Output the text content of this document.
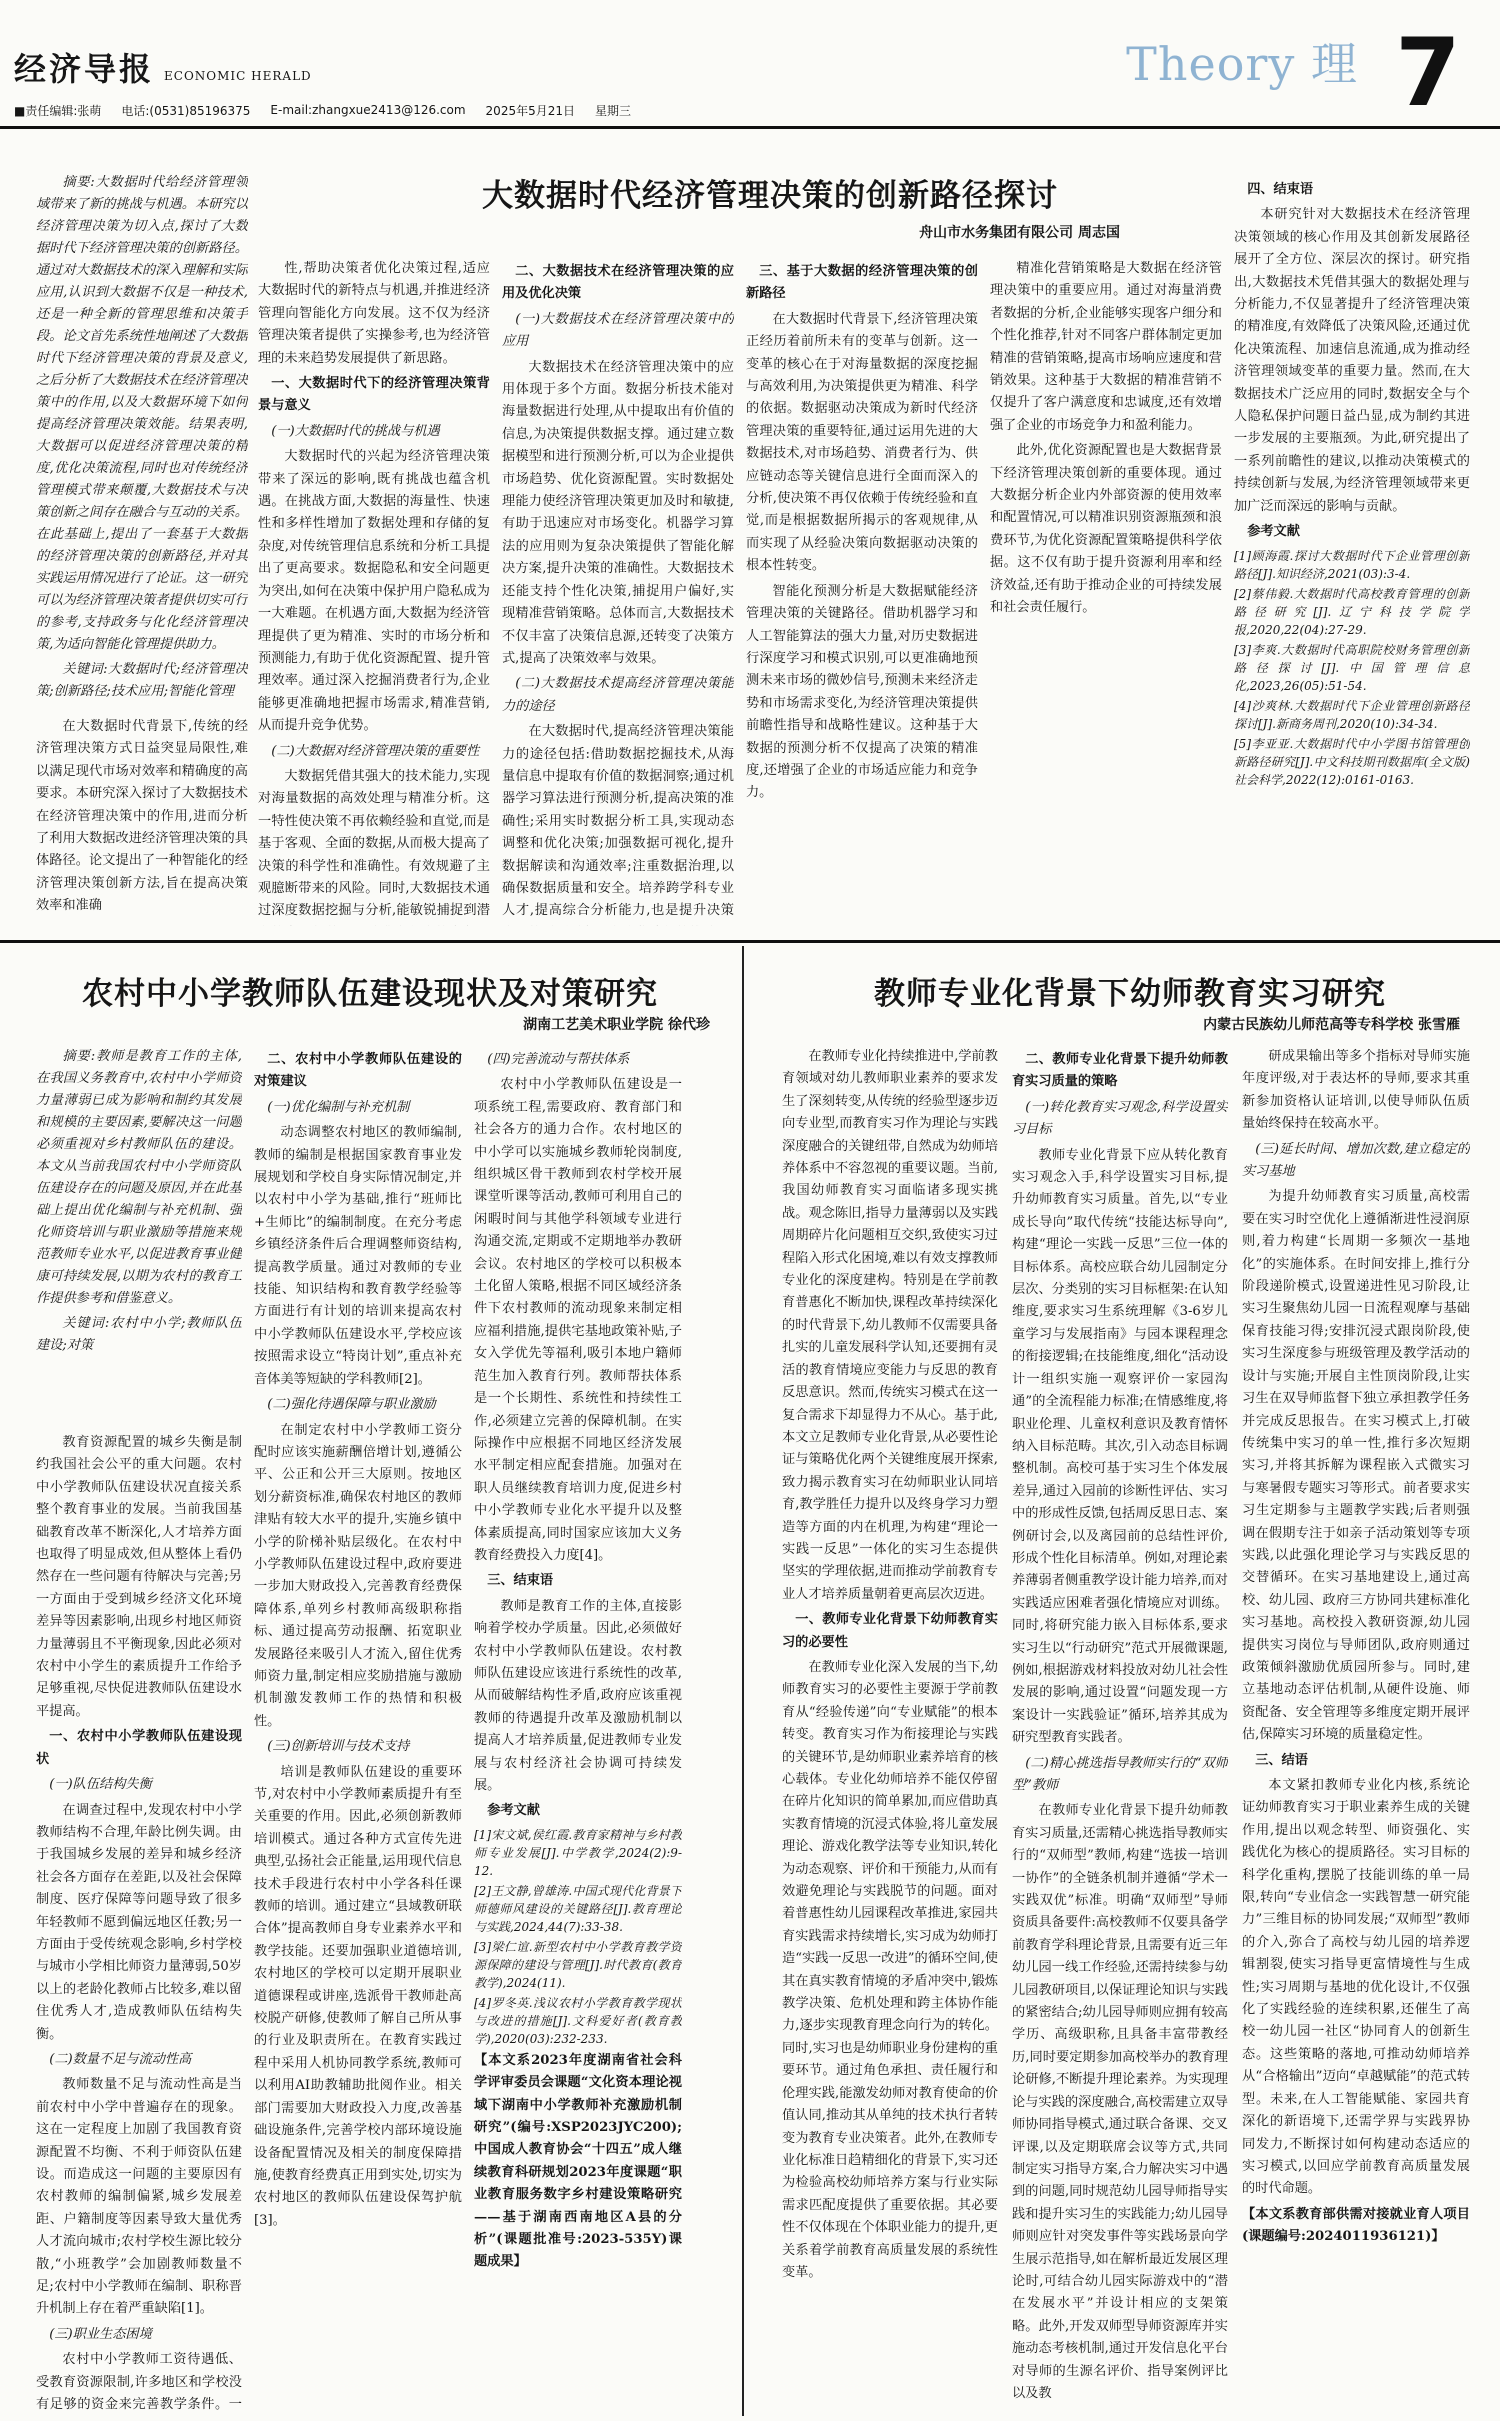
经济导报 ECONOMIC HERALD	Theory 理 7
■责任编辑:张萌 电话:(0531)85196375 E-mail:zhangxue2413@126.com 2025年5月21日 星期三
大数据时代经济管理决策的创新路径探讨
舟山市水务集团有限公司 周志国

摘要:大数据时代给经济管理领域带来了新的挑战与机遇。本研究以经济管理决策为切入点,探讨了大数据时代下经济管理决策的创新路径。通过对大数据技术的深入理解和实际应用,认识到大数据不仅是一种技术,还是一种全新的管理思维和决策手段。论文首先系统性地阐述了大数据时代下经济管理决策的背景及意义,之后分析了大数据技术在经济管理决策中的作用,以及大数据环境下如何提高经济管理决策效能。结果表明,大数据可以促进经济管理决策的精度,优化决策流程,同时也对传统经济管理模式带来颠覆,大数据技术与决策创新之间存在融合与互动的关系。在此基础上,提出了一套基于大数据的经济管理决策的创新路径,并对其实践运用情况进行了论证。这一研究可以为经济管理决策者提供切实可行的参考,支持政务与化化经济管理决策,为适向智能化管理提供助力。

关键词:大数据时代;经济管理决策;创新路径;技术应用;智能化管理

在大数据时代背景下,传统的经济管理决策方式日益突显局限性,难以满足现代市场对效率和精确度的高要求。本研究深入探讨了大数据技术在经济管理决策中的作用,进而分析了利用大数据改进经济管理决策的具体路径。论文提出了一种智能化的经济管理决策创新方法,旨在提高决策效率和准确

性,帮助决策者优化决策过程,适应大数据时代的新特点与机遇,并推进经济管理向智能化方向发展。这不仅为经济管理决策者提供了实操参考,也为经济管理的未来趋势发展提供了新思路。

一、大数据时代下的经济管理决策背景与意义
(一)大数据时代的挑战与机遇

大数据时代的兴起为经济管理决策带来了深远的影响,既有挑战也蕴含机遇。在挑战方面,大数据的海量性、快速性和多样性增加了数据处理和存储的复杂度,对传统管理信息系统和分析工具提出了更高要求。数据隐私和安全问题更为突出,如何在决策中保护用户隐私成为一大难题。在机遇方面,大数据为经济管理提供了更为精准、实时的市场分析和预测能力,有助于优化资源配置、提升管理效率。通过深入挖掘消费者行为,企业能够更准确地把握市场需求,精准营销,从而提升竞争优势。

(二)大数据对经济管理决策的重要性

大数据凭借其强大的技术能力,实现对海量数据的高效处理与精准分析。这一特性使决策不再依赖经验和直觉,而是基于客观、全面的数据,从而极大提高了决策的科学性和准确性。有效规避了主观臆断带来的风险。同时,大数据技术通过深度数据挖掘与分析,能敏锐捕捉到潜

二、大数据技术在经济管理决策的应用及优化决策
(一)大数据技术在经济管理决策中的应用

大数据技术在经济管理决策中的应用体现于多个方面。数据分析技术能对海量数据进行处理,从中提取出有价值的信息,为决策提供数据支撑。通过建立数据模型和进行预测分析,可以为企业提供市场趋势、优化资源配置。实时数据处理能力使经济管理决策更加及时和敏捷,有助于迅速应对市场变化。机器学习算法的应用则为复杂决策提供了智能化解决方案,提升决策的准确性。大数据技术还能支持个性化决策,捕捉用户偏好,实现精准营销策略。总体而言,大数据技术不仅丰富了决策信息源,还转变了决策方式,提高了决策效率与效果。

(二)大数据技术提高经济管理决策能力的途径

在大数据时代,提高经济管理决策能力的途径包括:借助数据挖掘技术,从海量信息中提取有价值的数据洞察;通过机器学习算法进行预测分析,提高决策的准确性;采用实时数据分析工具,实现动态调整和优化决策;加强数据可视化,提升数据解读和沟通效率;注重数据治理,以确保数据质量和安全。培养跨学科专业人才,提高综合分析能力,也是提升决策

三、基于大数据的经济管理决策的创新路径

在大数据时代背景下,经济管理决策正经历着前所未有的变革与创新。这一变革的核心在于对海量数据的深度挖掘与高效利用,为决策提供更为精准、科学的依据。数据驱动决策成为新时代经济管理决策的重要特征,通过运用先进的大数据技术,对市场趋势、消费者行为、供应链动态等关键信息进行全面而深入的分析,使决策不再仅依赖于传统经验和直觉,而是根据数据所揭示的客观规律,从而实现了从经验决策向数据驱动决策的根本性转变。

智能化预测分析是大数据赋能经济管理决策的关键路径。借助机器学习和人工智能算法的强大力量,对历史数据进行深度学习和模式识别,可以更准确地预测未来市场的微妙信号,预测未来经济走势和市场需求变化,为经济管理决策提供前瞻性指导和战略性建议。这种基于大数据的预测分析不仅提高了决策的精准度,还增强了企业的市场适应能力和竞争力。

精准化营销策略是大数据在经济管理决策中的重要应用。通过对海量消费者数据的分析,企业能够实现客户细分和个性化推荐,针对不同客户群体制定更加精准的营销策略,提高市场响应速度和营销效果。这种基于大数据的精准营销不仅提升了客户满意度和忠诚度,还有效增强了企业的市场竞争力和盈利能力。

此外,优化资源配置也是大数据背景下经济管理决策创新的重要体现。通过大数据分析企业内外部资源的使用效率和配置情况,可以精准识别资源瓶颈和浪费环节,为优化资源配置策略提供科学依据。这不仅有助于提升资源利用率和经济效益,还有助于推动企业的可持续发展和社会责任履行。

四、结束语

本研究针对大数据技术在经济管理决策领域的核心作用及其创新发展路径展开了全方位、深层次的探讨。研究指出,大数据技术凭借其强大的数据处理与分析能力,不仅显著提升了经济管理决策的精准度,有效降低了决策风险,还通过优化决策流程、加速信息流通,成为推动经济管理领域变革的重要力量。然而,在大数据技术广泛应用的同时,数据安全与个人隐私保护问题日益凸显,成为制约其进一步发展的主要瓶颈。为此,研究提出了一系列前瞻性的建议,以推动决策模式的持续创新与发展,为经济管理领域带来更加广泛而深远的影响与贡献。

参考文献

[1]顾海霞.探讨大数据时代下企业管理创新路径[J].知识经济,2021(03):3-4.

[2]蔡伟毅.大数据时代高校教育管理的创新路径研究[J].辽宁科技学院学报,2020,22(04):27-29.

[3]李爽.大数据时代高职院校财务管理创新路径探讨[J].中国管理信息化,2023,26(05):51-54.

[4]沙爽林.大数据时代下企业管理创新路径探讨[J].新商务周刊,2020(10):34-34.

[5]李亚亚.大数据时代中小学图书馆管理创新路径研究[J].中文科技期刊数据库(全文版)社会科学,2022(12):0161-0163.

农村中小学教师队伍建设现状及对策研究
湖南工艺美术职业学院 徐代珍

摘要:教师是教育工作的主体,在我国义务教育中,农村中小学师资力量薄弱已成为影响和制约其发展和规模的主要因素,要解决这一问题必须重视对乡村教师队伍的建设。本文从当前我国农村中小学师资队伍建设存在的问题及原因,并在此基础上提出优化编制与补充机制、强化师资培训与职业激励等措施来规范教师专业水平,以促进教育事业健康可持续发展,以期为农村的教育工作提供参考和借鉴意义。

关键词:农村中小学;教师队伍建设;对策

教育资源配置的城乡失衡是制约我国社会公平的重大问题。农村中小学教师队伍建设状况直接关系整个教育事业的发展。当前我国基础教育改革不断深化,人才培养方面也取得了明显成效,但从整体上看仍然存在一些问题有待解决与完善;另一方面由于受到城乡经济文化环境差异等因素影响,出现乡村地区师资力量薄弱且不平衡现象,因此必须对农村中小学生的素质提升工作给予足够重视,尽快促进教师队伍建设水平提高。

一、农村中小学教师队伍建设现状
(一)队伍结构失衡

在调查过程中,发现农村中小学教师结构不合理,年龄比例失调。由于我国城乡发展的差异和城乡经济社会各方面存在差距,以及社会保障制度、医疗保障等问题导致了很多年轻教师不愿到偏远地区任教;另一方面由于受传统观念影响,乡村学校与城市小学相比师资力量薄弱,50岁以上的老龄化教师占比较多,难以留住优秀人才,造成教师队伍结构失衡。

(二)数量不足与流动性高

教师数量不足与流动性高是当前农村中小学中普遍存在的现象。这在一定程度上加剧了我国教育资源配置不均衡、不利于师资队伍建设。而造成这一问题的主要原因有农村教师的编制偏紧,城乡发展差距、户籍制度等因素导致大量优秀人才流向城市;农村学校生源比较分散,“小班教学”会加剧教师数量不足;农村中小学教师在编制、职称晋升机制上存在着严重缺陷[1]。

(三)职业生态困境

农村中小学教师工资待遇低、受教育资源限制,许多地区和学校没有足够的资金来完善教学条件。一

二、农村中小学教师队伍建设的对策建议
(一)优化编制与补充机制

动态调整农村地区的教师编制,教师的编制是根据国家教育事业发展规划和学校自身实际情况制定,并以农村中小学为基础,推行“班师比+生师比”的编制制度。在充分考虑乡镇经济条件后合理调整师资结构,提高教学质量。通过对教师的专业技能、知识结构和教育教学经验等方面进行有计划的培训来提高农村中小学教师队伍建设水平,学校应该按照需求设立“特岗计划”,重点补充音体美等短缺的学科教师[2]。

(二)强化待遇保障与职业激励

在制定农村中小学教师工资分配时应该实施薪酬倍增计划,遵循公平、公正和公开三大原则。按地区划分薪资标准,确保农村地区的教师津贴有较大水平的提升,实施乡镇中小学的阶梯补贴层级化。在农村中小学教师队伍建设过程中,政府要进一步加大财政投入,完善教育经费保障体系,单列乡村教师高级职称指标、通过提高劳动报酬、拓宽职业发展路径来吸引人才流入,留住优秀师资力量,制定相应奖励措施与激励机制激发教师工作的热情和积极性。

(三)创新培训与技术支持

培训是教师队伍建设的重要环节,对农村中小学教师素质提升有至关重要的作用。因此,必须创新教师培训模式。通过各种方式宣传先进典型,弘扬社会正能量,运用现代信息技术手段进行农村中小学各科任课教师的培训。通过建立“县域教研联合体”提高教师自身专业素养水平和教学技能。还要加强职业道德培训,农村地区的学校可以定期开展职业道德课程或讲座,选派骨干教师赴高校脱产研修,使教师了解自己所从事的行业及职责所在。在教育实践过程中采用人机协同教学系统,教师可以利用AI助教辅助批阅作业。相关部门需要加大财政投入力度,改善基础设施条件,完善学校内部环境设施设备配置情况及相关的制度保障措施,使教育经费真正用到实处,切实为农村地区的教师队伍建设保驾护航[3]。

(四)完善流动与帮扶体系

农村中小学教师队伍建设是一项系统工程,需要政府、教育部门和社会各方的通力合作。农村地区的中小学可以实施城乡教师轮岗制度,组织城区骨干教师到农村学校开展课堂听课等活动,教师可利用自己的闲暇时间与其他学科领域专业进行沟通交流,定期或不定期地举办教研会议。农村地区的学校可以积极本土化留人策略,根据不同区域经济条件下农村教师的流动现象来制定相应福利措施,提供宅基地政策补贴,子女入学优先等福利,吸引本地户籍师范生加入教育行列。教师帮扶体系是一个长期性、系统性和持续性工作,必须建立完善的保障机制。在实际操作中应根据不同地区经济发展水平制定相应配套措施。加强对在职人员继续教育培训力度,促进乡村中小学教师专业化水平提升以及整体素质提高,同时国家应该加大义务教育经费投入力度[4]。

三、结束语

教师是教育工作的主体,直接影响着学校办学质量。因此,必须做好农村中小学教师队伍建设。农村教师队伍建设应该进行系统性的改革,从而破解结构性矛盾,政府应该重视教师的待遇提升改革及激励机制以提高人才培养质量,促进教师专业发展与农村经济社会协调可持续发展。

参考文献

[1]宋文斌,侯红霞.教育家精神与乡村教师专业发展[J].中学教学,2024(2):9-12.

[2]王文静,曾雄涛.中国式现代化背景下师德师风建设的关键路径[J].教育理论与实践,2024,44(7):33-38.

[3]梁仁谊.新型农村中小学教育教学资源保障的建设与管理[J].时代教育(教育教学),2024(11).

[4]罗冬英.浅议农村小学教育教学现状与改进的措施[J].文科爱好者(教育教学),2020(03):232-233.

【本文系2023年度湖南省社会科学评审委员会课题“文化资本理论视域下湖南中小学教师补充激励机制研究”(编号:XSP2023JYC200);中国成人教育协会“十四五”成人继续教育科研规划2023年度课题“职业教育服务数字乡村建设策略研究——基于湖南西南地区A县的分析”(课题批准号:2023-535Y)课题成果】

教师专业化背景下幼师教育实习研究
内蒙古民族幼儿师范高等专科学校 张雪雁

在教师专业化持续推进中,学前教育领域对幼儿教师职业素养的要求发生了深刻转变,从传统的经验型逐步迈向专业型,而教育实习作为理论与实践深度融合的关键纽带,自然成为幼师培养体系中不容忽视的重要议题。当前,我国幼师教育实习面临诸多现实挑战。观念陈旧,指导力量薄弱以及实践周期碎片化问题相互交织,致使实习过程陷入形式化困境,难以有效支撑教师专业化的深度建构。特别是在学前教育普惠化不断加快,课程改革持续深化的时代背景下,幼儿教师不仅需要具备扎实的儿童发展科学认知,还要拥有灵活的教育情境应变能力与反思的教育反思意识。然而,传统实习模式在这一复合需求下却显得力不从心。基于此,本文立足教师专业化背景,从必要性论证与策略优化两个关键维度展开探索,致力揭示教育实习在幼师职业认同培育,教学胜任力提升以及终身学习力塑造等方面的内在机理,为构建“理论一实践一反思”一体化的实习生态提供坚实的学理依据,进而推动学前教育专业人才培养质量朝着更高层次迈进。

一、教师专业化背景下幼师教育实习的必要性

在教师专业化深入发展的当下,幼师教育实习的必要性主要源于学前教育从“经验传递”向“专业赋能”的根本转变。教育实习作为衔接理论与实践的关键环节,是幼师职业素养培育的核心载体。专业化幼师培养不能仅停留在碎片化知识的简单累加,而应借助真实教育情境的沉浸式体验,将儿童发展理论、游戏化教学法等专业知识,转化为动态观察、评价和干预能力,从而有效避免理论与实践脱节的问题。面对着普惠性幼儿园课程改革推进,家园共育实践需求持续增长,实习成为幼师打造“实践一反思一改进”的循环空间,使其在真实教育情境的矛盾冲突中,锻炼教学决策、危机处理和跨主体协作能力,逐步实现教育理念向行为的转化。同时,实习也是幼师职业身份建构的重要环节。通过角色承担、责任履行和伦理实践,能激发幼师对教育使命的价值认同,推动其从单纯的技术执行者转变为教育专业决策者。此外,在教师专业化标准日趋精细化的背景下,实习还为检验高校幼师培养方案与行业实际需求匹配度提供了重要依据。其必要性不仅体现在个体职业能力的提升,更关系着学前教育高质量发展的系统性变革。

二、教师专业化背景下提升幼师教育实习质量的策略
(一)转化教育实习观念,科学设置实习目标

教师专业化背景下应从转化教育实习观念入手,科学设置实习目标,提升幼师教育实习质量。首先,以“专业成长导向”取代传统“技能达标导向”,构建“理论一实践一反思”三位一体的目标体系。高校应联合幼儿园制定分层次、分类别的实习目标框架:在认知维度,要求实习生系统理解《3-6岁儿童学习与发展指南》与园本课程理念的衔接逻辑;在技能维度,细化“活动设计一组织实施一观察评价一家园沟通”的全流程能力标准;在情感维度,将职业伦理、儿童权利意识及教育情怀纳入目标范畴。其次,引入动态目标调整机制。高校可基于实习生个体发展差异,通过入园前的诊断性评估、实习中的形成性反馈,包括周反思日志、案例研讨会,以及离园前的总结性评价,形成个性化目标清单。例如,对理论素养薄弱者侧重教学设计能力培养,而对实践适应困难者强化情境应对训练。同时,将研究能力嵌入目标体系,要求实习生以“行动研究”范式开展微课题,例如,根据游戏材料投放对幼儿社会性发展的影响,通过设置“问题发现一方案设计一实践验证”循环,培养其成为研究型教育实践者。

(二)精心挑选指导教师实行的“双师型”教师

在教师专业化背景下提升幼师教育实习质量,还需精心挑选指导教师实行的“双师型”教师,构建“选拔一培训一协作”的全链条机制并遵循“学术一实践双优”标准。明确“双师型”导师资质具备要件:高校教师不仅要具备学前教育学科理论背景,且需要有近三年幼儿园一线工作经验,还需持续参与幼儿园教研项目,以保证理论知识与实践的紧密结合;幼儿园导师则应拥有较高学历、高级职称,且具备丰富带教经历,同时要定期参加高校举办的教育理论研修,不断提升理论素养。为实现理论与实践的深度融合,高校需建立双导师协同指导模式,通过联合备课、交叉评课,以及定期联席会议等方式,共同制定实习指导方案,合力解决实习中遇到的问题,同时规范幼儿园导师指导实践和提升实习生的实践能力;幼儿园导师则应针对突发事件等实践场景向学生展示范指导,如在解析最近发展区理论时,可结合幼儿园实际游戏中的“潜在发展水平”并设计相应的支架策略。此外,开发双师型导师资源库并实施动态考核机制,通过开发信息化平台对导师的生源名评价、指导案例评比以及教

研成果输出等多个指标对导师实施年度评级,对于表达杯的导师,要求其重新参加资格认证培训,以使导师队伍质量始终保持在较高水平。

(三)延长时间、增加次数,建立稳定的实习基地

为提升幼师教育实习质量,高校需要在实习时空优化上遵循渐进性浸润原则,着力构建“长周期一多频次一基地化”的实施体系。在时间安排上,推行分阶段递阶模式,设置递进性见习阶段,让实习生聚焦幼儿园一日流程观摩与基础保育技能习得;安排沉浸式跟岗阶段,使实习生深度参与班级管理及教学活动的设计与实施;开展自主性顶岗阶段,让实习生在双导师监督下独立承担教学任务并完成反思报告。在实习模式上,打破传统集中实习的单一性,推行多次短期实习,并将其拆解为课程嵌入式微实习与寒暑假专题实习等形式。前者要求实习生定期参与主题教学实践;后者则强调在假期专注于如亲子活动策划等专项实践,以此强化理论学习与实践反思的交替循环。在实习基地建设上,通过高校、幼儿园、政府三方协同共建标准化实习基地。高校投入教研资源,幼儿园提供实习岗位与导师团队,政府则通过政策倾斜激励优质园所参与。同时,建立基地动态评估机制,从硬件设施、师资配备、安全管理等多维度定期开展评估,保障实习环境的质量稳定性。

三、结语

本文紧扣教师专业化内核,系统论证幼师教育实习于职业素养生成的关键作用,提出以观念转型、师资强化、实践优化为核心的提质路径。实习目标的科学化重构,摆脱了技能训练的单一局限,转向“专业信念一实践智慧一研究能力”三维目标的协同发展;“双师型”教师的介入,弥合了高校与幼儿园的培养逻辑割裂,使实习指导更富情境性与生成性;实习周期与基地的优化设计,不仅强化了实践经验的连续积累,还催生了高校一幼儿园一社区“协同育人的创新生态。这些策略的落地,可推动幼师培养从“合格输出”迈向“卓越赋能”的范式转型。未来,在人工智能赋能、家园共育深化的新语境下,还需学界与实践界协同发力,不断探讨如何构建动态适应的实习模式,以回应学前教育高质量发展的时代命题。

【本文系教育部供需对接就业育人项目(课题编号:2024011936121)】
